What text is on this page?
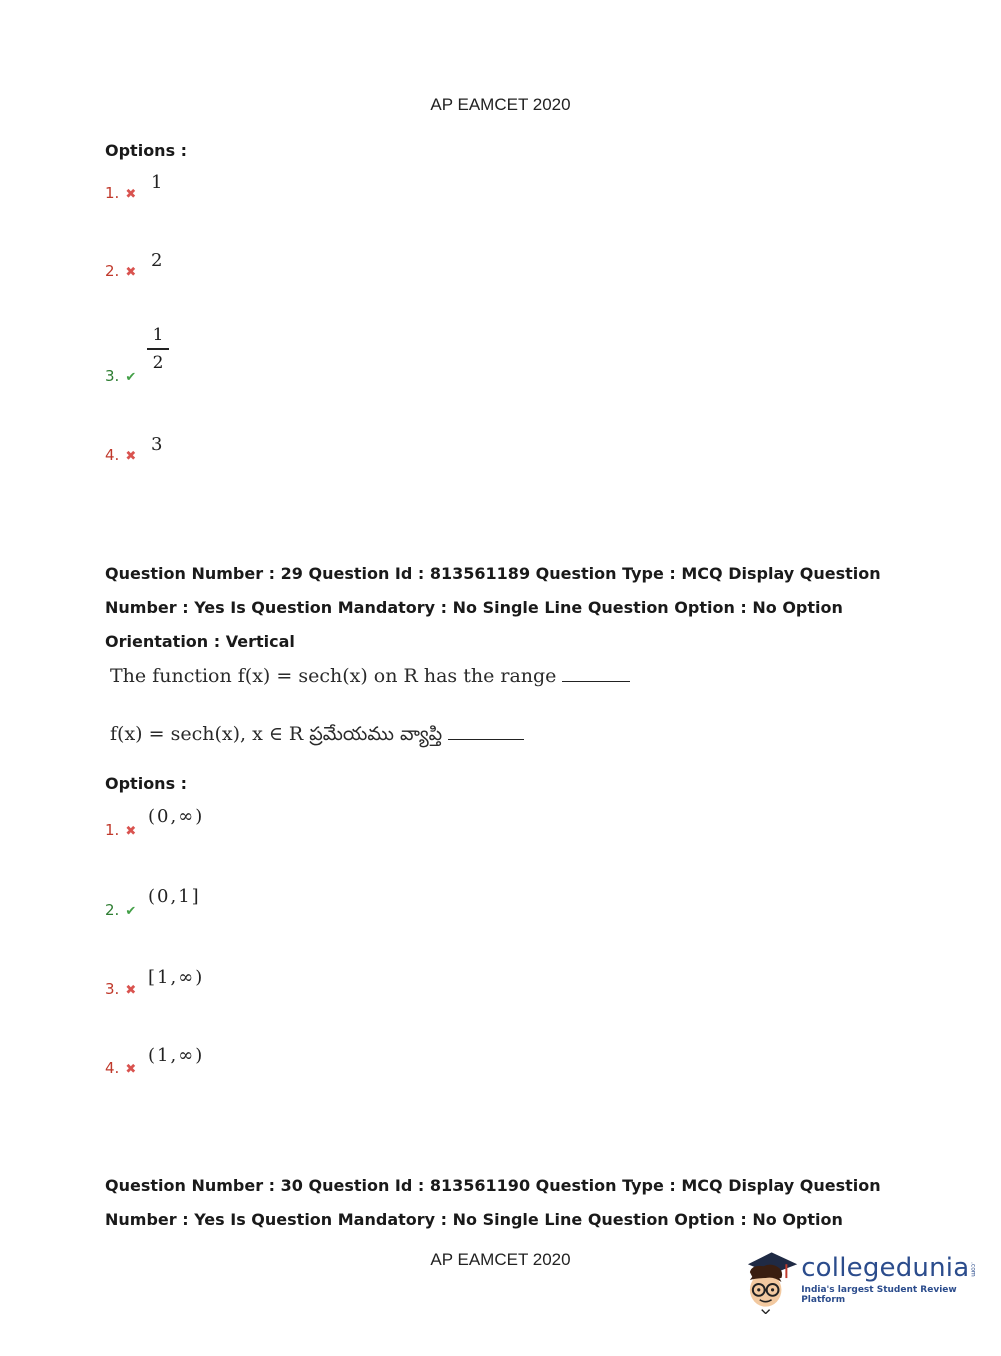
AP EAMCET 2020
Options :
1. ✖
1
2. ✖
2
3. ✔
1
2
4. ✖
3
Question Number : 29 Question Id : 813561189 Question Type : MCQ Display Question
Number : Yes Is Question Mandatory : No Single Line Question Option : No Option
Orientation : Vertical
The function f(x) = sech(x) on R has the range
f(x) = sech(x), x ∈ R ప్రమేయము వ్యాప్తి
Options :
1. ✖
(0,∞)
2. ✔
(0,1]
3. ✖
[1,∞)
4. ✖
(1,∞)
Question Number : 30 Question Id : 813561190 Question Type : MCQ Display Question
Number : Yes Is Question Mandatory : No Single Line Question Option : No Option
AP EAMCET 2020	collegedunia .com
India's largest Student Review Platform
